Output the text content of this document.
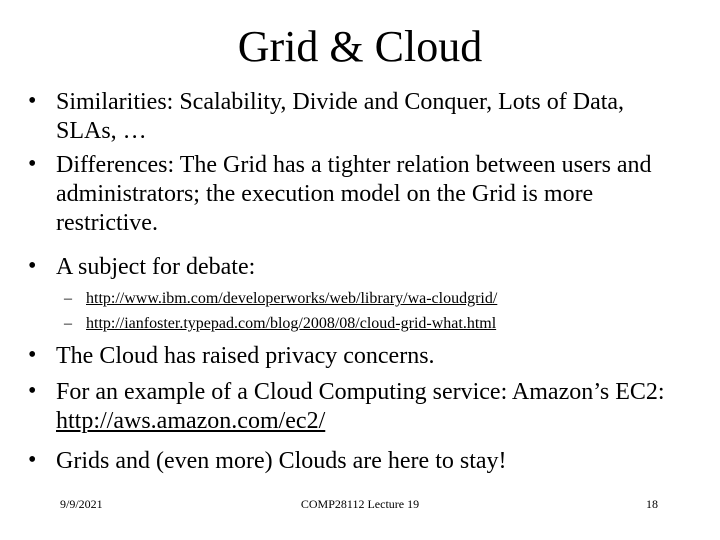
Grid & Cloud
• Similarities: Scalability, Divide and Conquer, Lots of Data, SLAs, …
• Differences: The Grid has a tighter relation between users and administrators; the execution model on the Grid is more restrictive.
• A subject for debate:
– http://www.ibm.com/developerworks/web/library/wa-cloudgrid/
– http://ianfoster.typepad.com/blog/2008/08/cloud-grid-what.html
• The Cloud has raised privacy concerns.
• For an example of a Cloud Computing service: Amazon’s EC2: http://aws.amazon.com/ec2/
• Grids and (even more) Clouds are here to stay!
9/9/2021	COMP28112 Lecture 19	18
